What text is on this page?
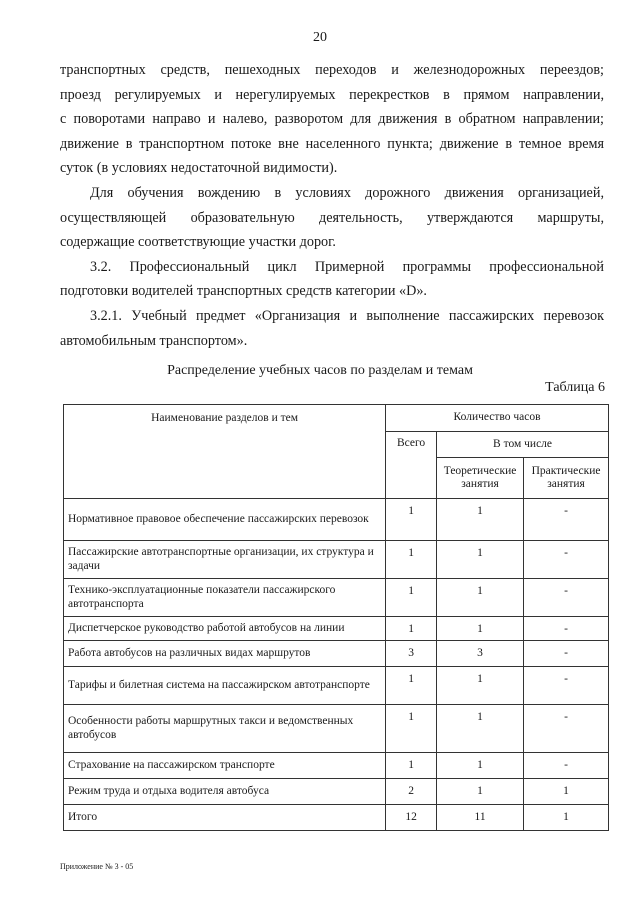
20

транспортных средств, пешеходных переходов и железнодорожных переездов;

проезд регулируемых и нерегулируемых перекрестков в прямом направлении,

с поворотами направо и налево, разворотом для движения в обратном направлении;

движение в транспортном потоке вне населенного пункта; движение в темное время

суток (в условиях недостаточной видимости).

Для обучения вождению в условиях дорожного движения организацией,

осуществляющей образовательную деятельность, утверждаются маршруты,

содержащие соответствующие участки дорог.

3.2. Профессиональный цикл Примерной программы профессиональной

подготовки водителей транспортных средств категории «D».

3.2.1. Учебный предмет «Организация и выполнение пассажирских перевозок

автомобильным транспортом».

Распределение учебных часов по разделам и темам
Таблица 6
Наименование разделов и тем	Количество часов		
	Всего	В том числе	
		Теоретические занятия	Практические занятия
Нормативное правовое обеспечение пассажирских перевозок	1	1	-
Пассажирские автотранспортные организации, их структура и задачи	1	1	-
Технико-эксплуатационные показатели пассажирского автотранспорта	1	1	-
Диспетчерское руководство работой автобусов на линии	1	1	-
Работа автобусов на различных видах маршрутов	3	3	-
Тарифы и билетная система на пассажирском автотранспорте	1	1	-
Особенности работы маршрутных такси и ведомственных автобусов	1	1	-
Страхование на пассажирском транспорте	1	1	-
Режим труда и отдыха водителя автобуса	2	1	1
Итого	12	11	1
Приложение № 3 - 05
